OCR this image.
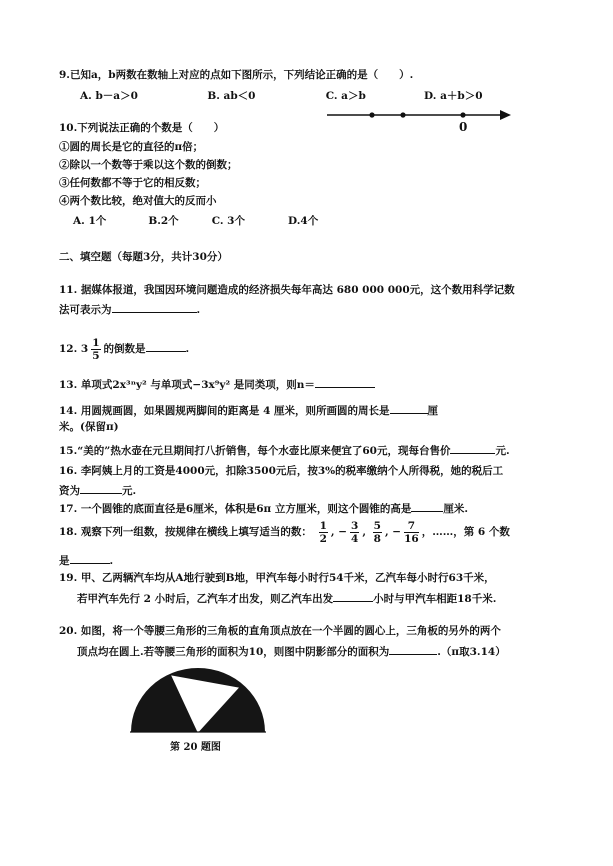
9.已知a，b两数在数轴上对应的点如下图所示，下列结论正确的是（　　）.
A. b－a＞0	B. ab＜0	C. a＞b	D. a＋b＞0
0
10.下列说法正确的个数是（　　）
①圆的周长是它的直径的π倍；
②除以一个数等于乘以这个数的倒数；
③任何数都不等于它的相反数；
④两个数比较，绝对值大的反而小
A. 1个	B.2个	C. 3个	D.4个
二、填空题（每题3分，共计30分）
11. 据媒体报道，我国因环境问题造成的经济损失每年高达 680 000 000元，这个数用科学记数
法可表示为	.
12. $3 \frac{1}{5}$ 的倒数是	.
13. 单项式2x³ⁿy² 与单项式−3x⁹y² 是同类项，则n＝
14. 用圆规画圆，如果圆规两脚间的距离是 4 厘米，则所画圆的周长是	厘
米。(保留π)
15.“美的”热水壶在元旦期间打八折销售，每个水壶比原来便宜了60元，现每台售价	元.
16. 李阿姨上月的工资是4000元，扣除3500元后，按3%的税率缴纳个人所得税，她的税后工
资为	元.
17. 一个圆锥的底面直径是6厘米，体积是6π 立方厘米，则这个圆锥的高是	厘米.
18. 观察下列一组数，按规律在横线上填写适当的数： $\frac{1}{2}$ , − $\frac{3}{4}$ , $\frac{5}{8}$ , − $\frac{7}{16}$ ，……，第 6 个数
是	.
19. 甲、乙两辆汽车均从A地行驶到B地，甲汽车每小时行54千米，乙汽车每小时行63千米，
若甲汽车先行 2 小时后，乙汽车才出发，则乙汽车出发	小时与甲汽车相距18千米.
20. 如图，将一个等腰三角形的三角板的直角顶点放在一个半圆的圆心上，三角板的另外的两个
顶点均在圆上.若等腰三角形的面积为10，则图中阴影部分的面积为	.（π取3.14）
第 20 题图
